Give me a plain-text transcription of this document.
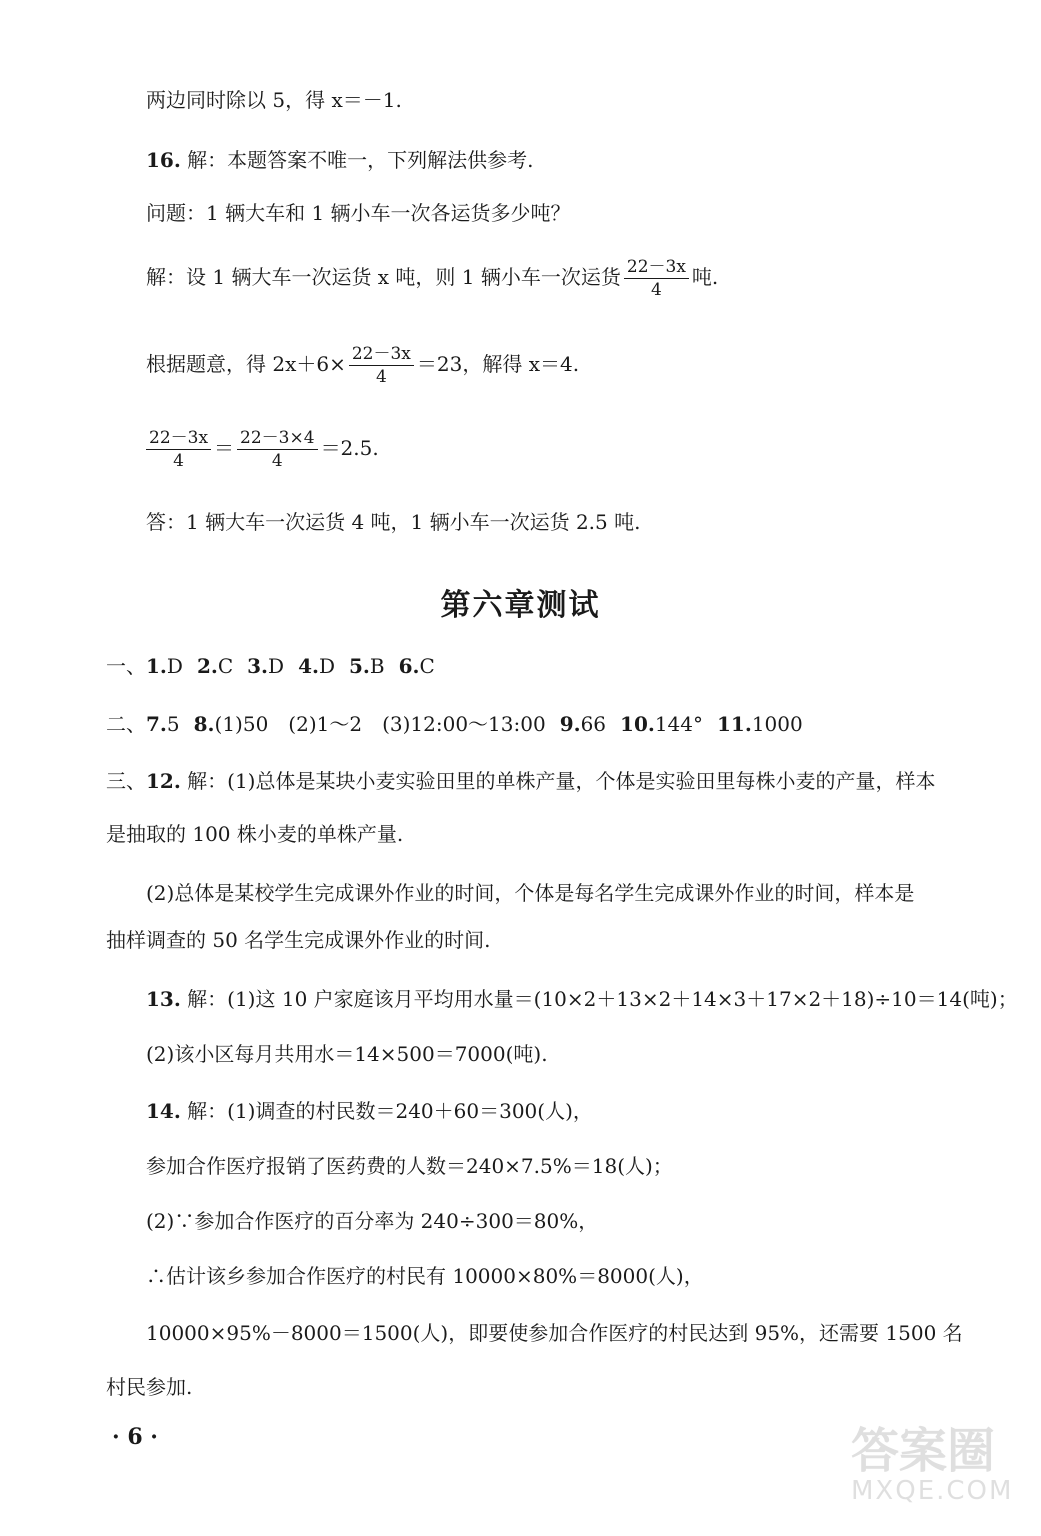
两边同时除以 5，得 x＝－1.
16. 解：本题答案不唯一，下列解法供参考.
问题：1 辆大车和 1 辆小车一次各运货多少吨？
解：设 1 辆大车一次运货 x 吨，则 1 辆小车一次运货 $\frac{22-3x}{4}$ 吨.
根据题意，得 $2x+6\times \frac{22-3x}{4} =23$，解得 x＝4.
$\frac{22-3x}{4} = \frac{22-3\times 4}{4} =2.5$.
答：1 辆大车一次运货 4 吨，1 辆小车一次运货 2.5 吨.
第六章测试
一、1.D 2.C 3.D 4.D 5.B 6.C
二、7.5 8.(1)50　(2)1～2　(3)12:00～13:00 9.66 10.144° 11.1000
三、12. 解：(1)总体是某块小麦实验田里的单株产量，个体是实验田里每株小麦的产量，样本
是抽取的 100 株小麦的单株产量.
(2)总体是某校学生完成课外作业的时间，个体是每名学生完成课外作业的时间，样本是
抽样调查的 50 名学生完成课外作业的时间.
13. 解：(1)这 10 户家庭该月平均用水量＝(10×2＋13×2＋14×3＋17×2＋18)÷10＝14(吨)；
(2)该小区每月共用水＝14×500＝7000(吨).
14. 解：(1)调查的村民数＝240＋60＝300(人)，
参加合作医疗报销了医药费的人数＝240×7.5%＝18(人)；
(2)∵参加合作医疗的百分率为 240÷300＝80%，
∴估计该乡参加合作医疗的村民有 10000×80%＝8000(人)，
10000×95%－8000＝1500(人)，即要使参加合作医疗的村民达到 95%，还需要 1500 名
村民参加.
· 6 ·	答案圈
MXQE.COM
